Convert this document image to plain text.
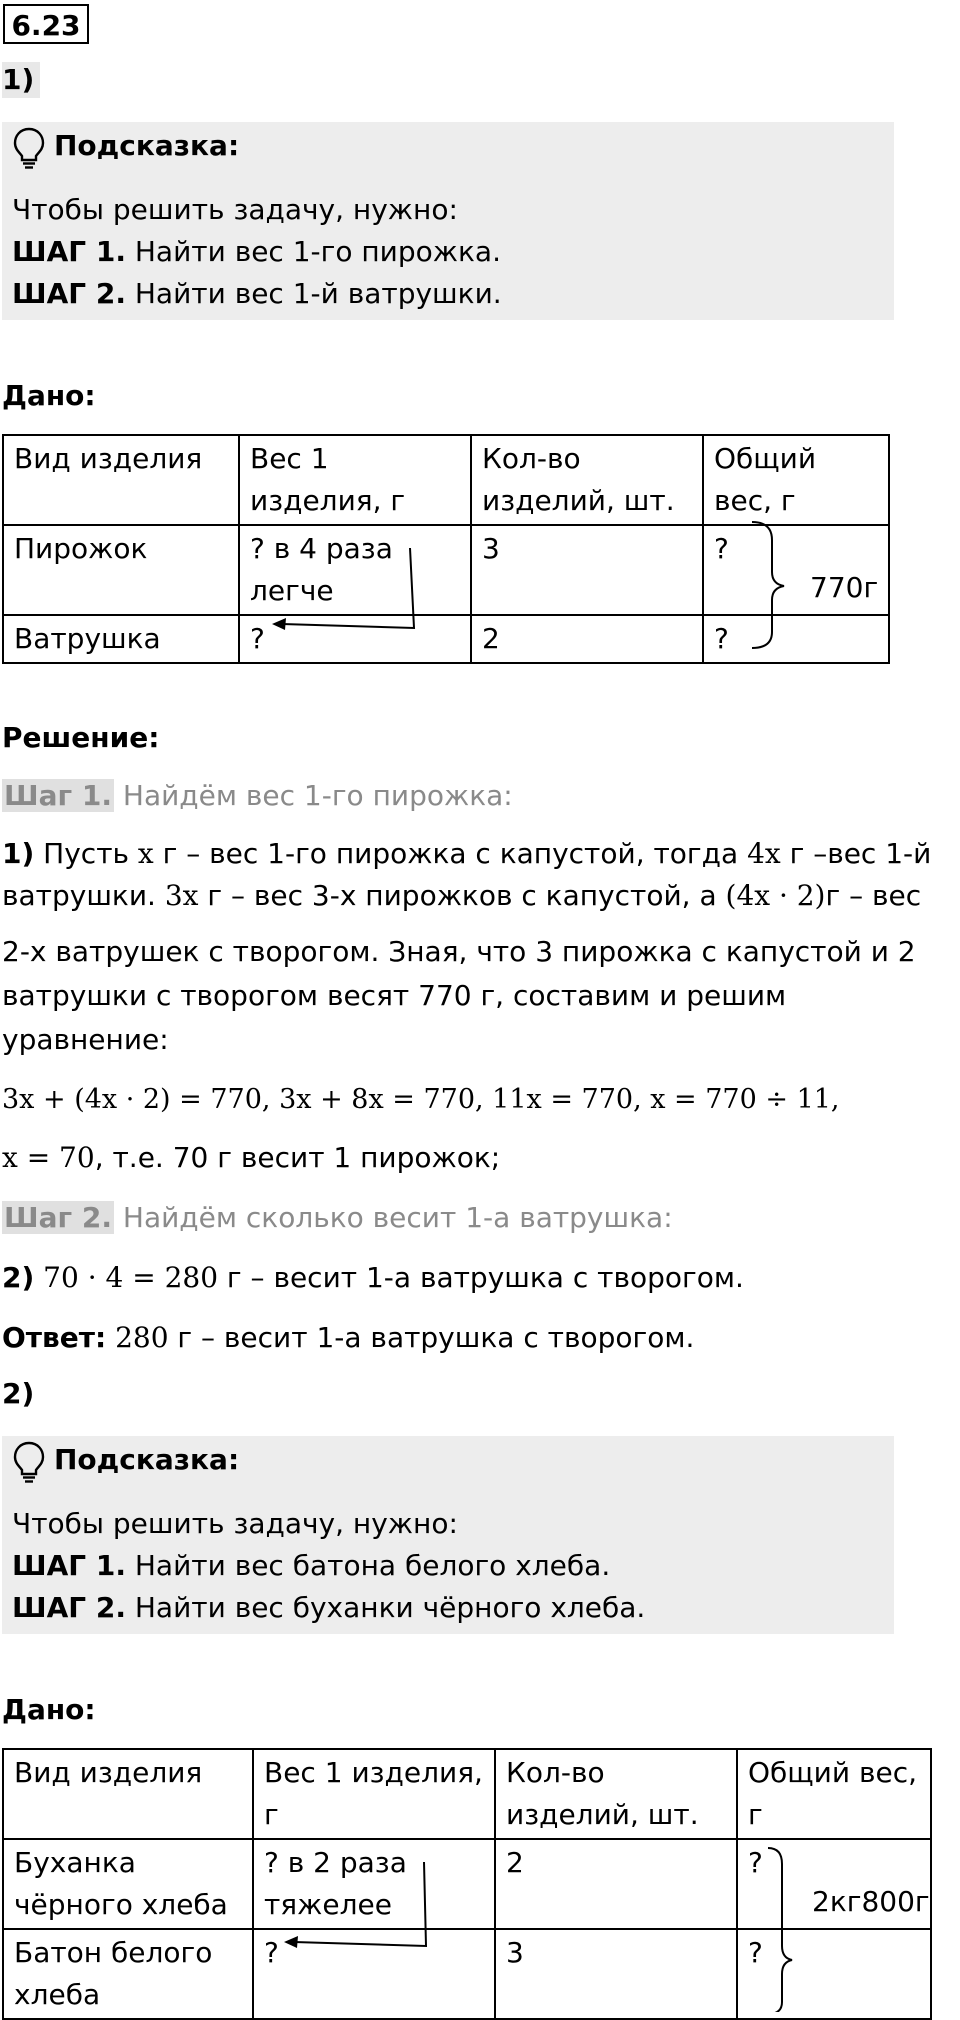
6.23
1)
Подсказка:
Чтобы решить задачу, нужно:
ШАГ 1. Найти вес 1-го пирожка.
ШАГ 2. Найти вес 1-й ватрушки.
Дано:
Вид изделия	Вес 1 изделия, г	Кол-во изделий, шт.	Общий вес, г
Пирожок	? в 4 раза легче	3	?
Ватрушка	?	2	?
770г
Решение:
Шаг 1. Найдём вес 1-го пирожка:
1) Пусть x г – вес 1-го пирожка с капустой, тогда 4x г –вес 1-й
ватрушки. 3x г – вес 3-х пирожков с капустой, а (4x · 2)г – вес
2-х ватрушек с творогом. Зная, что 3 пирожка с капустой и 2
ватрушки с творогом весят 770 г, составим и решим
уравнение:
3x + (4x · 2) = 770, 3x + 8x = 770, 11x = 770, x = 770 ÷ 11,
x = 70, т.е. 70 г весит 1 пирожок;
Шаг 2. Найдём сколько весит 1-а ватрушка:
2) 70 · 4 = 280 г – весит 1-а ватрушка с творогом.
Ответ: 280 г – весит 1-а ватрушка с творогом.
2)
Подсказка:
Чтобы решить задачу, нужно:
ШАГ 1. Найти вес батона белого хлеба.
ШАГ 2. Найти вес буханки чёрного хлеба.
Дано:
Вид изделия	Вес 1 изделия, г	Кол-во изделий, шт.	Общий вес, г
Буханка чёрного хлеба	? в 2 раза тяжелее	2	?
Батон белого хлеба	?	3	?
2кг800г
